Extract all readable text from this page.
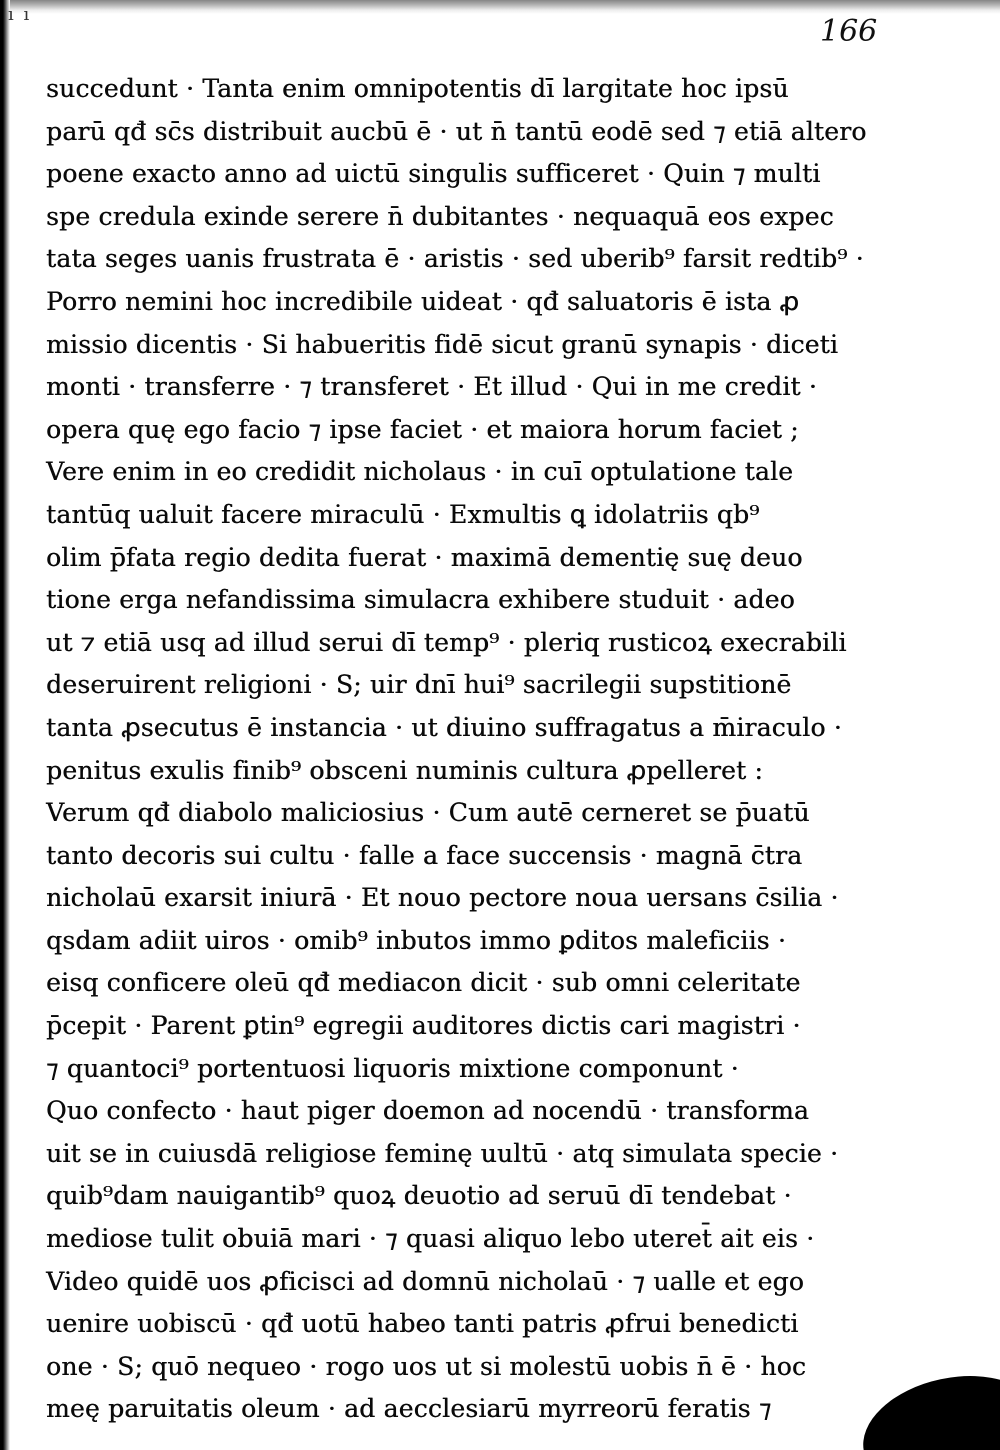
ı ı	166
succedunt · Tanta enim omnipotentis dī largitate hoc ipsū
parū qđ sc̄s distribuit aucbū ē · ut n̄ tantū eodē sed ⁊ etiā altero
poene exacto anno ad uictū singulis sufficeret · Quin ⁊ multi
spe credula exinde serere n̄ dubitantes · nequaquā eos expec
tata seges uanis frustrata ē · aristis · sed uberib⁹ farsit redtib⁹ ·
Porro nemini hoc incredibile uideat · qđ saluatoris ē ista ꝓ
missio dicentis · Si habueritis fidē sicut granū synapis · diceti
monti · transferre · ⁊ transferet · Et illud · Qui in me credit ·
opera quę ego facio ⁊ ipse faciet · et maiora horum faciet ;
Vere enim in eo credidit nicholaus · in cuī optulatione tale
tantūq ualuit facere miraculū · Exmultis ꝗ idolatriis qb⁹
olim p̄fata regio dedita fuerat · maximā dementię suę deuo
tione erga nefandissima simulacra exhibere studuit · adeo
ut ⁊ etiā usq ad illud serui dī temp⁹ · pleriq rusticoꝝ execrabili
deseruirent religioni · S; uir dnī hui⁹ sacrilegii supstitionē
tanta ꝓsecutus ē instancia · ut diuino suffragatus a m̄iraculo ·
penitus exulis finib⁹ obsceni numinis cultura ꝓpelleret :
Verum qđ diabolo maliciosius · Cum autē cerneret se p̄uatū
tanto decoris sui cultu · falle a face succensis · magnā c̄tra
nicholaū exarsit iniurā · Et nouo pectore noua uersans c̄silia ·
qsdam adiit uiros · omib⁹ inbutos immo ꝑditos maleficiis ·
eisq conficere oleū qđ mediacon dicit · sub omni celeritate
p̄cepit · Parent ꝑtin⁹ egregii auditores dictis cari magistri ·
⁊ quantoci⁹ portentuosi liquoris mixtione componunt ·
Quo confecto · haut piger doemon ad nocendū · transforma
uit se in cuiusdā religiose feminę uultū · atq simulata specie ·
quib⁹dam nauigantib⁹ quoꝝ deuotio ad seruū dī tendebat ·
mediose tulit obuiā mari · ⁊ quasi aliquo lebo uteret̄ ait eis ·
Video quidē uos ꝓficisci ad domnū nicholaū · ⁊ ualle et ego
uenire uobiscū · qđ uotū habeo tanti patris ꝓfrui benedicti
one · S; quō nequeo · rogo uos ut si molestū uobis n̄ ē · hoc
meę paruitatis oleum · ad aecclesiarū myrreorū feratis ⁊
